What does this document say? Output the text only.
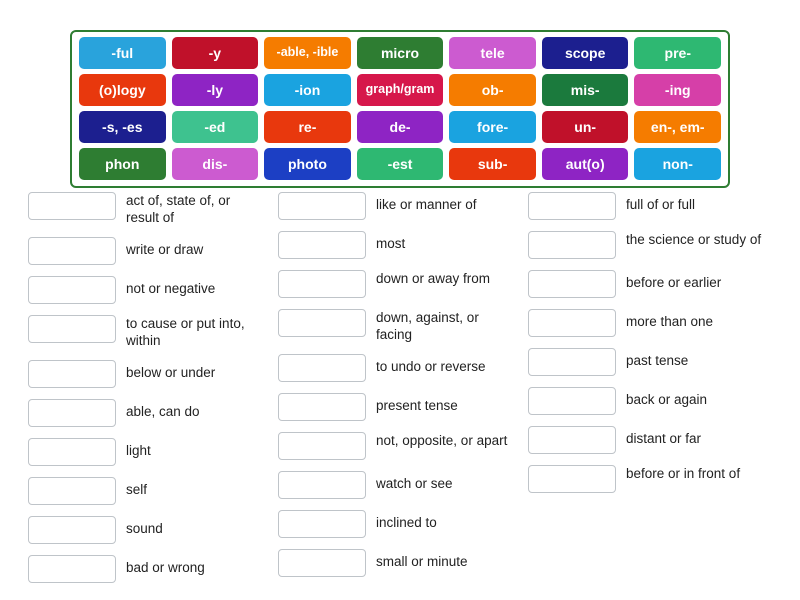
-ful	-y	-able, -ible	micro	tele	scope	pre-
(o)logy	-ly	-ion	graph/gram	ob-	mis-	-ing
-s, -es	-ed	re-	de-	fore-	un-	en-, em-
phon	dis-	photo	-est	sub-	aut(o)	non-
act of, state of, or result of
write or draw
not or negative
to cause or put into, within
below or under
able, can do
light
self
sound
bad or wrong
like or manner of
most
down or away from
down, against, or facing
to undo or reverse
present tense
not, opposite, or apart
watch or see
inclined to
small or minute
full of or full
the science or study of
before or earlier
more than one
past tense
back or again
distant or far
before or in front of
